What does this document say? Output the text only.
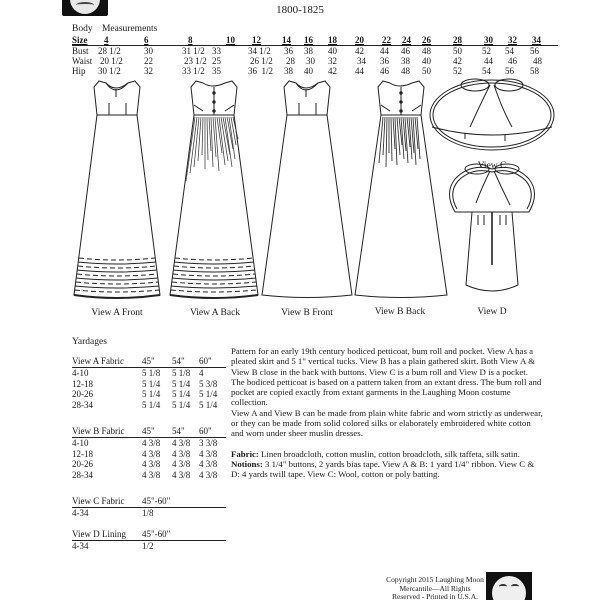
1800-1825
Body Measurements
Size 4	6	8	10 12 14 16 18 20 22 24 26 28 30 32 34
Bust 28 1/2	30	31 1/2 33	34 1/2 36 38 40 42 44 46 48 50 52 54 56
Waist 20 1/2 22	23 1/2 25	26 1/2 28 30 32 34 36 38 40 42 44 46 48
Hip 30 1/2	32	33 1/2 35	36  1/2 38 40 42 44 46 48 50 52 54 56 58
View A Front	View A Back	View B Front	View B Back
View C
View D
Yardages
View A Fabric 45" 54" 60"
4-10	5 1/8 5 1/8 4
12-18	5 1/4 5 1/4 5 3/8
20-26	5 1/4 5 1/4 5 1/4
28-34	5 1/4 5 1/4 5 1/4
View B Fabric 45" 54" 60"
4-10	4 3/8 4 3/8 3 3/8
12-18	4 3/8 4 3/8 4 3/8
20-26	4 3/8 4 3/8 4 3/8
28-34	4 3/8 4 3/8 4 3/8
View C Fabric 45"-60"
4-34	1/8
View D Lining 45"-60"
4-34	1/2

Pattern for an early 19th century bodiced petticoat, bum roll and pocket. View A has a pleated skirt and 5 1" vertical tucks. View B has a plain gathered skirt. Both View A & View B close in the back with buttons. View C is a bum roll and View D is a pocket.

The bodiced petticoat is based on a pattern taken from an extant dress. The bum roll and pocket are copied exactly from extant garments in the Laughing Moon costume collection.

View A and View B can be made from plain white fabric and worn strictly as underwear, or they can be made from solid colored silks or elaborately embroidered white cotton and worn under sheer muslin dresses.

Fabric: Linen broadcloth, cotton muslin, cotton broadcloth, silk taffeta, silk satin.

Notions: 3 1/4" buttons, 2 yards bias tape. View A & B: 1 yard 1/4" ribbon. View C & D: 4 yards twill tape. View C: Wool, cotton or poly batting.

Copyright 2015 Laughing Moon Mercantile—All Rights Reserved - Printed in U.S.A.
